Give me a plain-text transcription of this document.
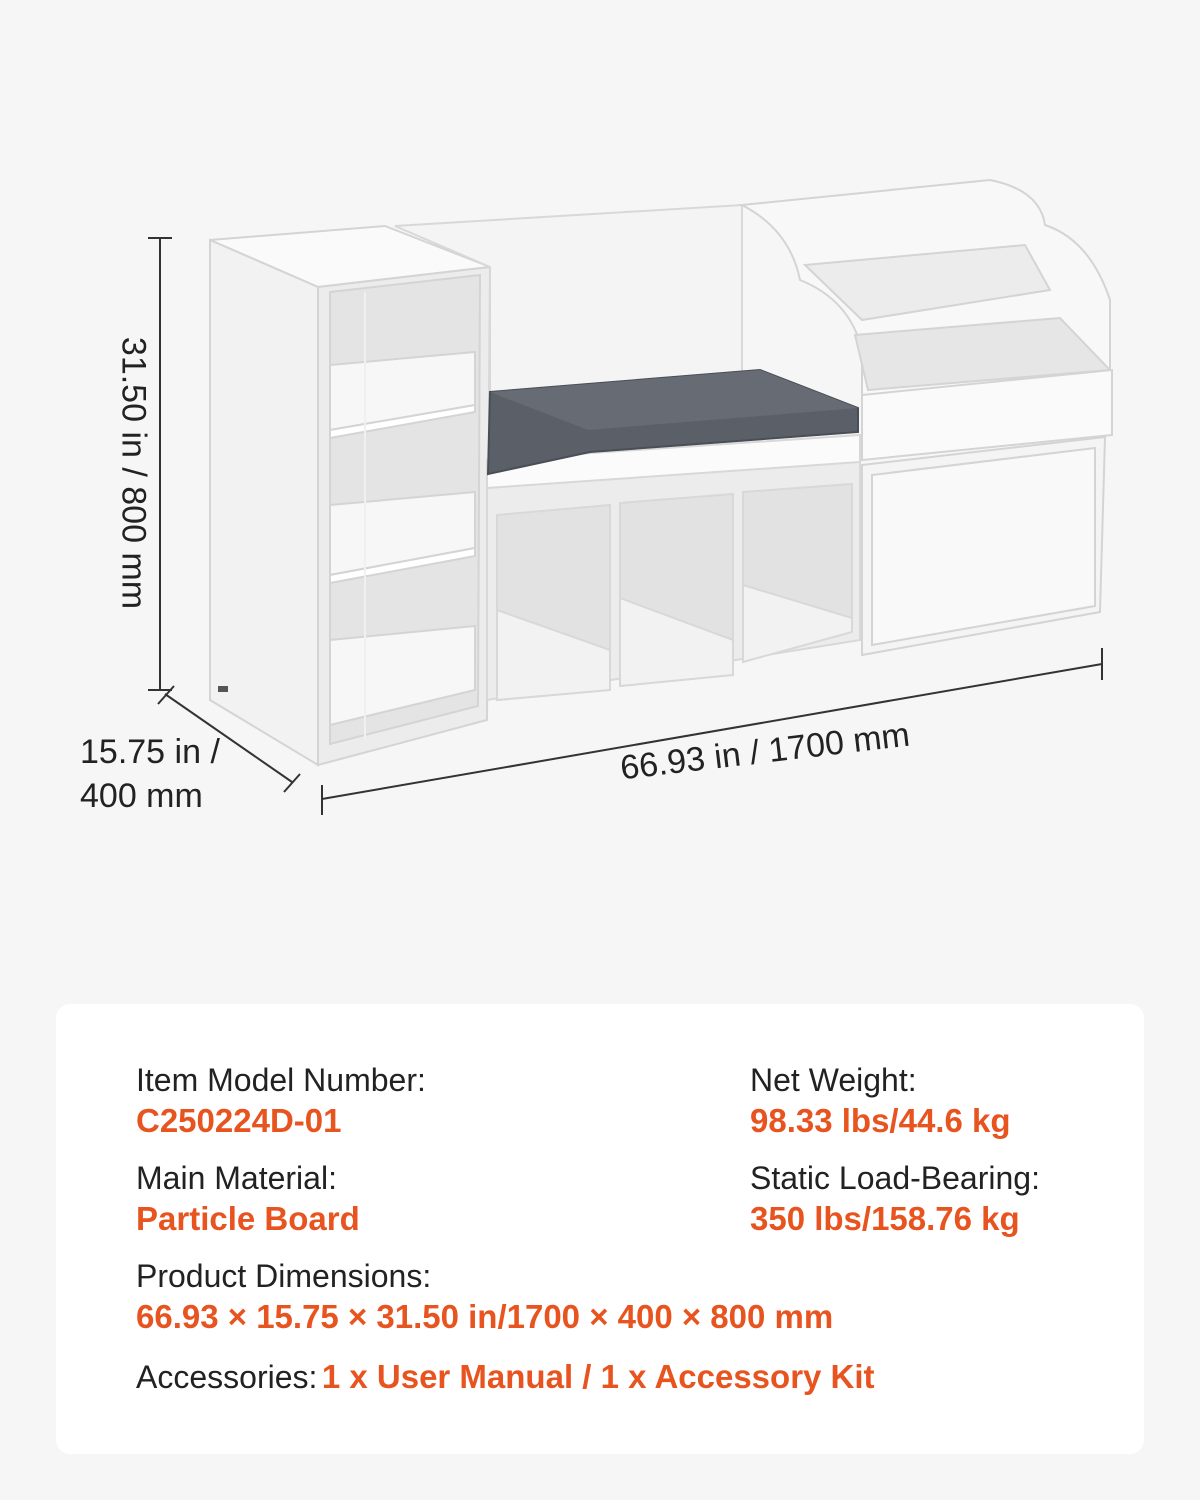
31.50 in / 800 mm
15.75 in /
400 mm
66.93 in / 1700 mm
Item Model Number:
C250224D-01
Net Weight:
98.33 lbs/44.6 kg
Main Material:
Particle Board
Static Load-Bearing:
350 lbs/158.76 kg
Product Dimensions:
66.93 × 15.75 × 31.50 in/1700 × 400 × 800 mm
Accessories: 1 x User Manual / 1 x Accessory Kit
